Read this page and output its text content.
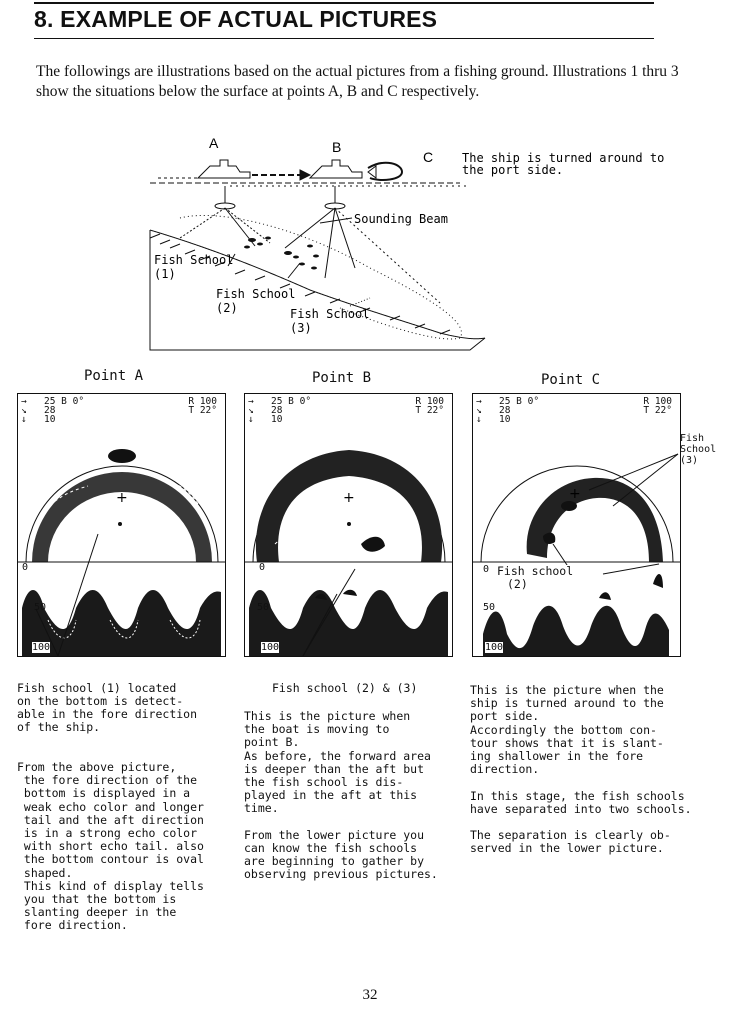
8. EXAMPLE OF ACTUAL PICTURES
The followings are illustrations based on the actual pictures from a fishing ground. Illustrations 1 thru 3 show the situations below the surface at points A, B and C respectively.
A	B
C The ship is turned around to
the port side.
Sounding Beam
Fish School
(1)
Fish School
(2)	Fish School
(3)
Point A	Point B	Point C
→
↘
↓
25 B 0°
28
10
R 100
T 22°
+
0
50
100
→
↘
↓
25 B 0°
28
10
R 100
T 22°
+
0
50
100
→
↘
↓
25 B 0°
28
10
R 100
T 22°
+
0
50
100
Fish school
(2)
Fish
School (3)
Fish school (1) located
on the bottom is detect-
able in the fore direction
of the ship.

From the above picture,
the fore direction of the
bottom is displayed in a
weak echo color and longer
tail and the aft direction
is in a strong echo color
with short echo tail. also
the bottom contour is oval
shaped.
This kind of display tells
you that the bottom is
slanting deeper in the
fore direction.
Fish school (2) & (3)
This is the picture when
the boat is moving to
point B.
As before, the forward area
is deeper than the aft but
the fish school is dis-
played in the aft at this
time.

From the lower picture you
can know the fish schools
are beginning to gather by
observing previous pictures.
This is the picture when the
ship is turned around to the
port side.
Accordingly the bottom con-
tour shows that it is slant-
ing shallower in the fore
direction.

In this stage, the fish schools
have separated into two schools.

The separation is clearly ob-
served in the lower picture.
32
